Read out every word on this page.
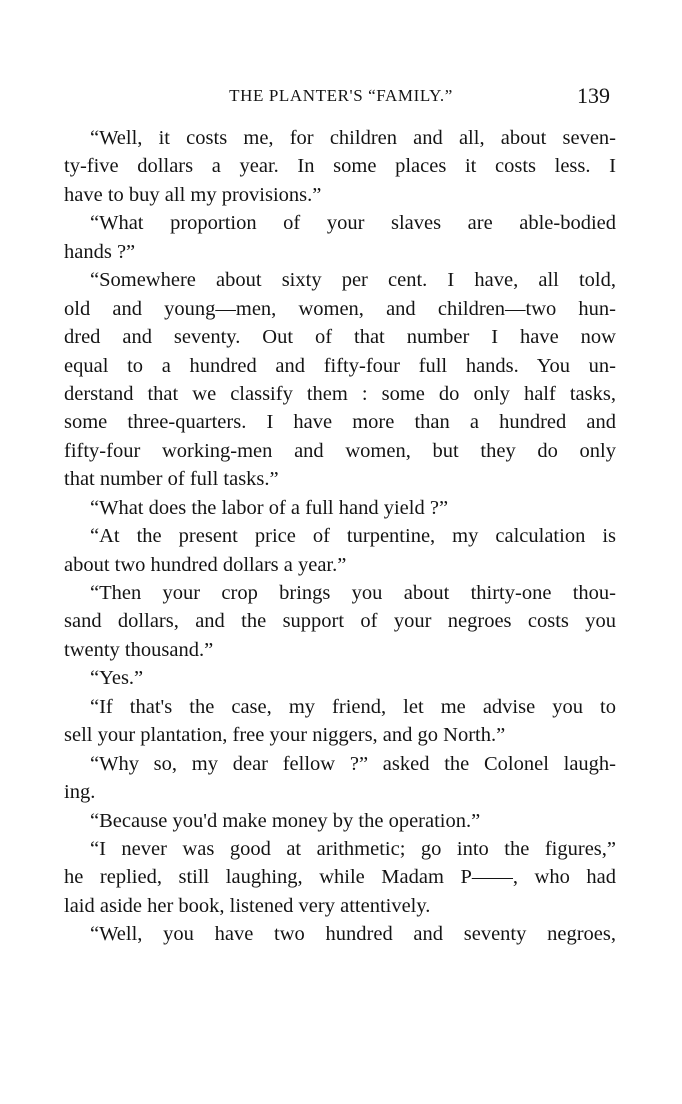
THE PLANTER'S “FAMILY.”	139
“Well, it costs me, for children and all, about seven-
ty-five dollars a year. In some places it costs less. I
have to buy all my provisions.”
“What proportion of your slaves are able-bodied
hands ?”
“Somewhere about sixty per cent. I have, all told,
old and young—men, women, and children—two hun-
dred and seventy. Out of that number I have now
equal to a hundred and fifty-four full hands. You un-
derstand that we classify them : some do only half tasks,
some three-quarters. I have more than a hundred and
fifty-four working-men and women, but they do only
that number of full tasks.”
“What does the labor of a full hand yield ?”
“At the present price of turpentine, my calculation is
about two hundred dollars a year.”
“Then your crop brings you about thirty-one thou-
sand dollars, and the support of your negroes costs you
twenty thousand.”
“Yes.”
“If that's the case, my friend, let me advise you to
sell your plantation, free your niggers, and go North.”
“Why so, my dear fellow ?” asked the Colonel laugh-
ing.
“Because you'd make money by the operation.”
“I never was good at arithmetic; go into the figures,”
he replied, still laughing, while Madam P——, who had
laid aside her book, listened very attentively.
“Well, you have two hundred and seventy negroes,
